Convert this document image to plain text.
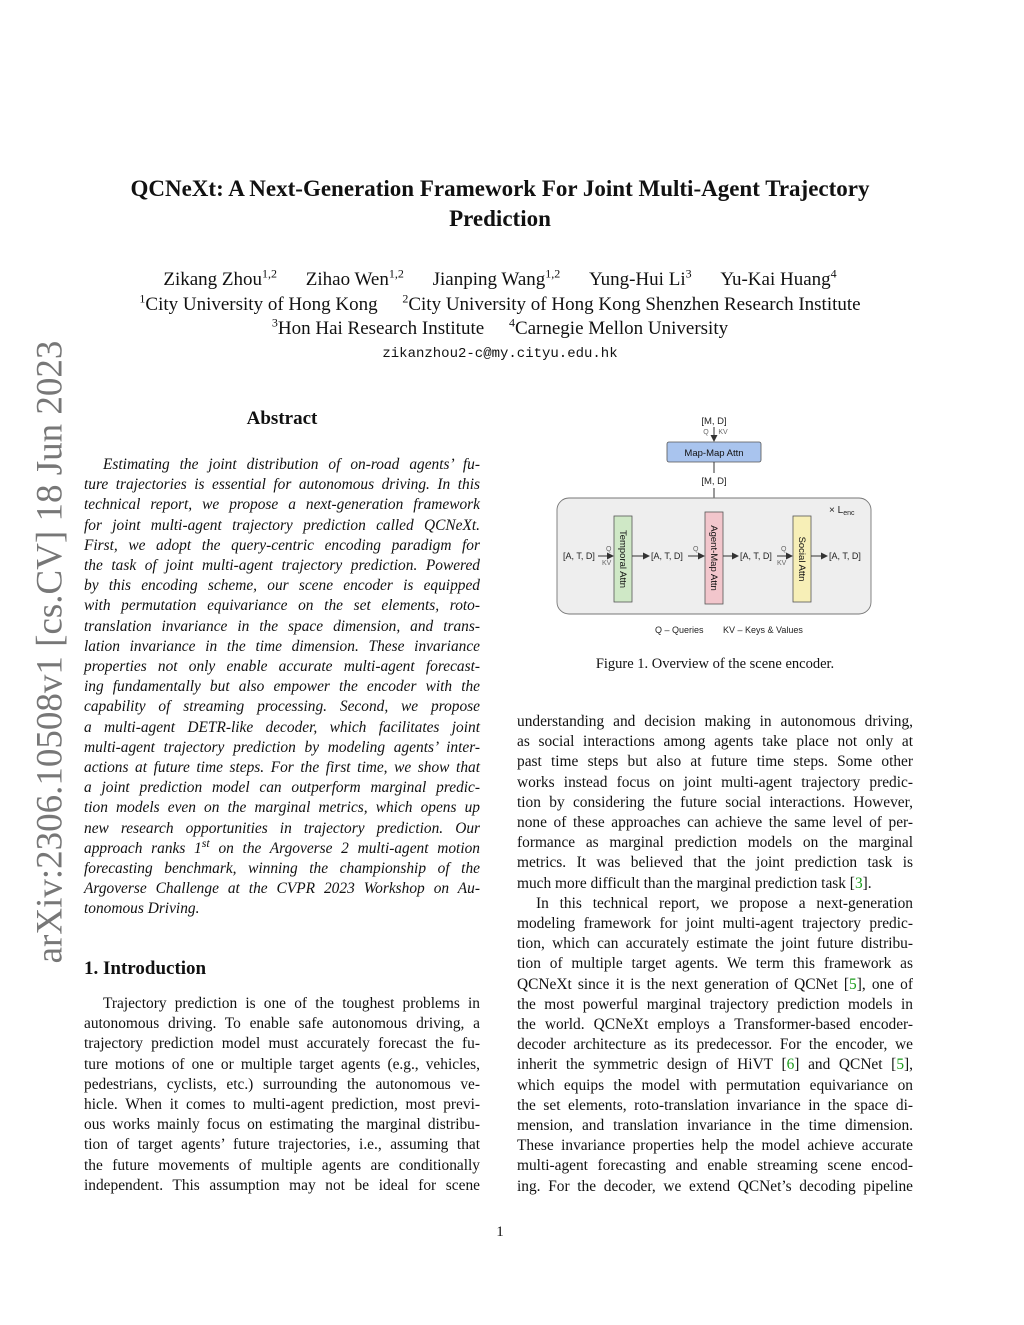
arXiv:2306.10508v1 [cs.CV] 18 Jun 2023
QCNeXt: A Next-Generation Framework For Joint Multi-Agent Trajectory
Prediction
Zikang Zhou$^{1,2}$ Zihao Wen$^{1,2}$ Jianping Wang$^{1,2}$ Yung-Hui Li$^3$ Yu-Kai Huang$^4$
$^1$City University of Hong Kong $^2$City University of Hong Kong Shenzhen Research Institute
$^3$Hon Hai Research Institute $^4$Carnegie Mellon University
zikanzhou2-c@my.cityu.edu.hk
Abstract
Estimating the joint distribution of on-road agents’ fu-
ture trajectories is essential for autonomous driving. In this
technical report, we propose a next-generation framework
for joint multi-agent trajectory prediction called QCNeXt.
First, we adopt the query-centric encoding paradigm for
the task of joint multi-agent trajectory prediction. Powered
by this encoding scheme, our scene encoder is equipped
with permutation equivariance on the set elements, roto-
translation invariance in the space dimension, and trans-
lation invariance in the time dimension. These invariance
properties not only enable accurate multi-agent forecast-
ing fundamentally but also empower the encoder with the
capability of streaming processing. Second, we propose
a multi-agent DETR-like decoder, which facilitates joint
multi-agent trajectory prediction by modeling agents’ inter-
actions at future time steps. For the first time, we show that
a joint prediction model can outperform marginal predic-
tion models even on the marginal metrics, which opens up
new research opportunities in trajectory prediction. Our
approach ranks 1st on the Argoverse 2 multi-agent motion
forecasting benchmark, winning the championship of the
Argoverse Challenge at the CVPR 2023 Workshop on Au-
tonomous Driving.
1. Introduction
Trajectory prediction is one of the toughest problems in
autonomous driving. To enable safe autonomous driving, a
trajectory prediction model must accurately forecast the fu-
ture motions of one or multiple target agents (e.g., vehicles,
pedestrians, cyclists, etc.) surrounding the autonomous ve-
hicle. When it comes to multi-agent prediction, most previ-
ous works mainly focus on estimating the marginal distribu-
tion of target agents’ future trajectories, i.e., assuming that
the future movements of multiple agents are conditionally
independent. This assumption may not be ideal for scene
[M, D]
Q KV
Map-Map Attn
[M, D]
× $L_{enc}$
[A, T, D]
Q
KV Temporal Attn	[A, T, D]
Q Agent-Map Attn [A, T, D]
Q
KV Social Attn [A, T, D]
Q – Queries KV – Keys & Values
Figure 1. Overview of the scene encoder.
understanding and decision making in autonomous driving,
as social interactions among agents take place not only at
past time steps but also at future time steps. Some other
works instead focus on joint multi-agent trajectory predic-
tion by considering the future social interactions. However,
none of these approaches can achieve the same level of per-
formance as marginal prediction models on the marginal
metrics. It was believed that the joint prediction task is
much more difficult than the marginal prediction task [3].
In this technical report, we propose a next-generation
modeling framework for joint multi-agent trajectory predic-
tion, which can accurately estimate the joint future distribu-
tion of multiple target agents. We term this framework as
QCNeXt since it is the next generation of QCNet [5], one of
the most powerful marginal trajectory prediction models in
the world. QCNeXt employs a Transformer-based encoder-
decoder architecture as its predecessor. For the encoder, we
inherit the symmetric design of HiVT [6] and QCNet [5],
which equips the model with permutation equivariance on
the set elements, roto-translation invariance in the space di-
mension, and translation invariance in the time dimension.
These invariance properties help the model achieve accurate
multi-agent forecasting and enable streaming scene encod-
ing. For the decoder, we extend QCNet’s decoding pipeline
1
